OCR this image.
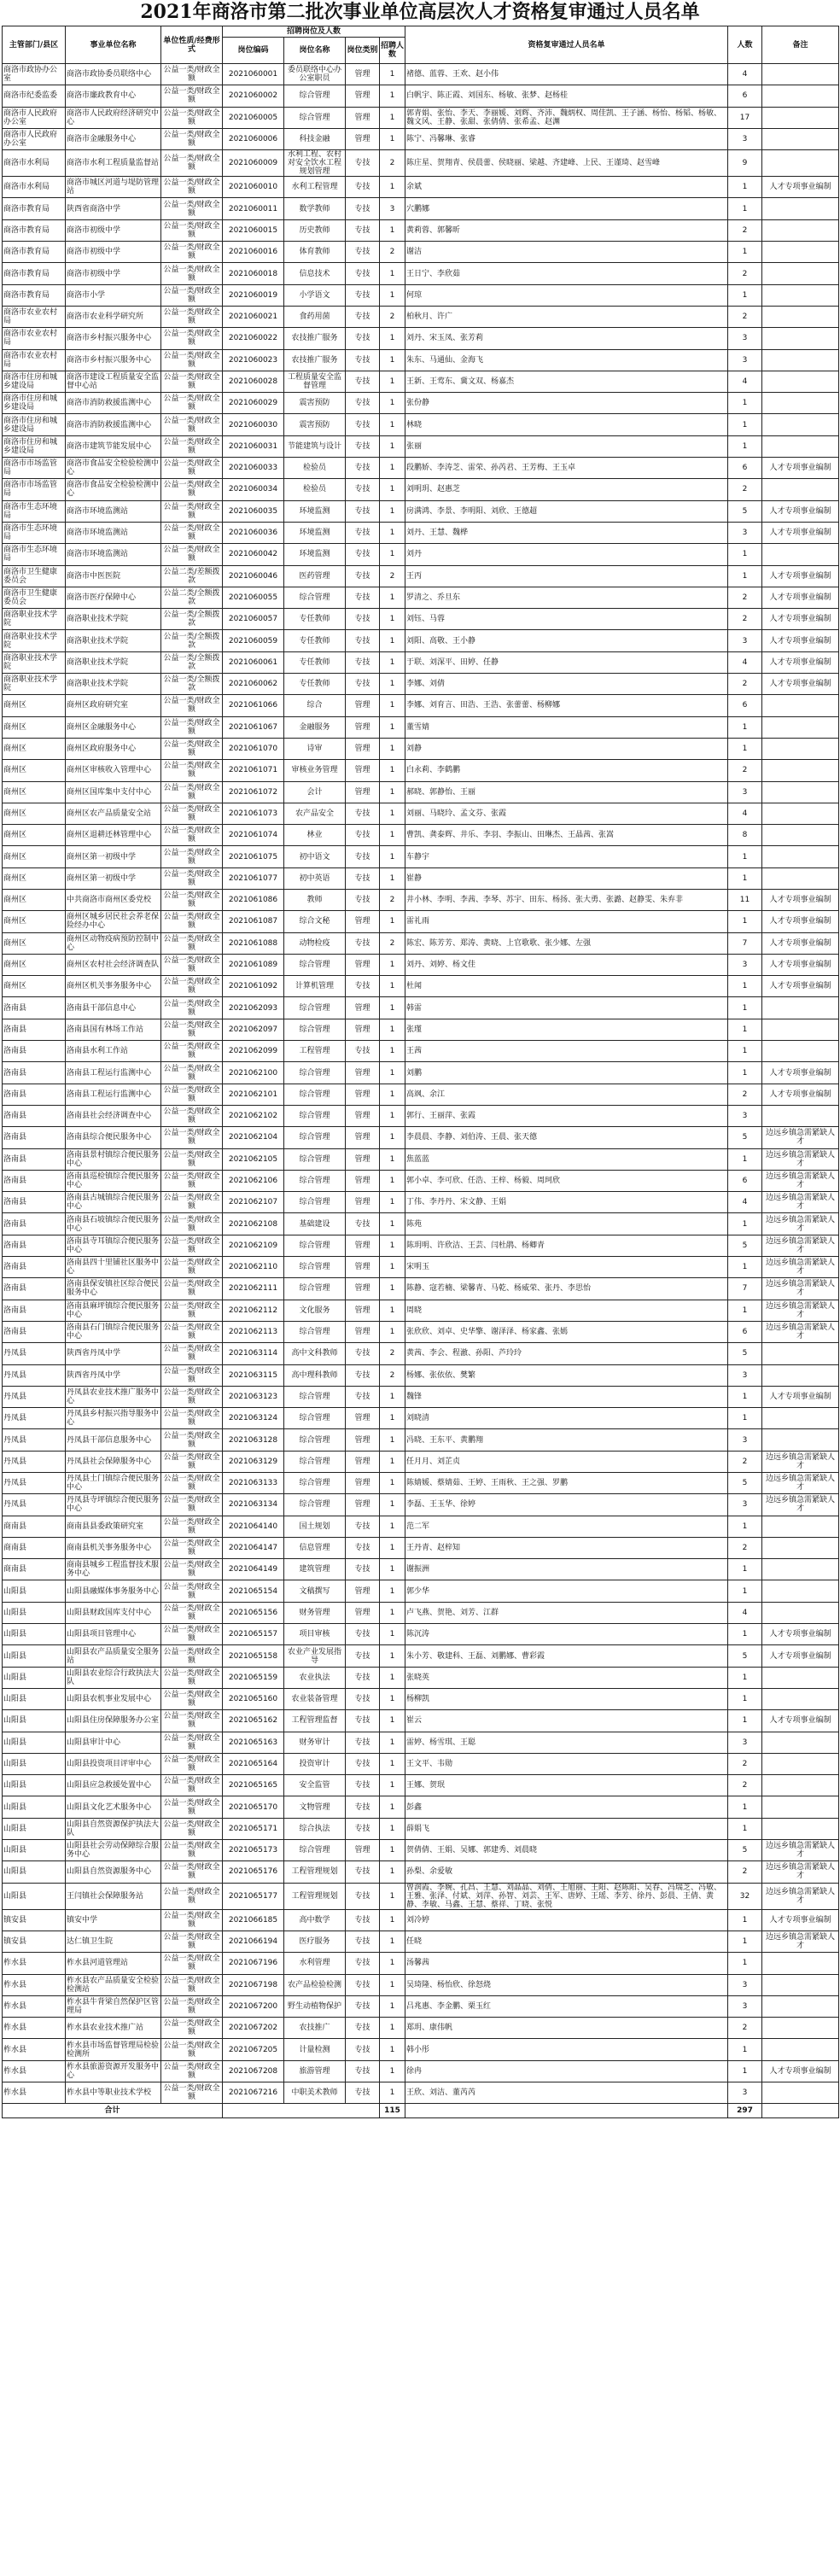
2021年商洛市第二批次事业单位高层次人才资格复审通过人员名单
主管部门/县区	事业单位名称	单位性质/经费形式	招聘岗位及人数				资格复审通过人员名单	人数	备注
			岗位编码	岗位名称	岗位类别	招聘人数			
商洛市政协办公室	商洛市政协委员联络中心	公益一类/财政全额	2021060001	委员联络中心办公室职员	管理	1	褚德、蓝蓉、王欢、赵小伟	4	
商洛市纪委监委	商洛市廉政教育中心	公益一类/财政全额	2021060002	综合管理	管理	1	白帆宇、陈正霞、刘国东、杨敏、张梦、赵杨桂	6	
商洛市人民政府办公室	商洛市人民政府经济研究中心	公益一类/财政全额	2021060005	综合管理	管理	1	郭青娟、张怡、李天、李丽媛、刘辉、齐沛、魏炳权、周佳凯、王子涵、杨怡、杨韬、杨敏、魏文风、王静、张甜、张倩倩、张希孟、赵渊	17	
商洛市人民政府办公室	商洛市金融服务中心	公益一类/财政全额	2021060006	科技金融	管理	1	陈宁、冯馨琳、张睿	3	
商洛市水利局	商洛市水利工程质量监督站	公益一类/财政全额	2021060009	水利工程、农村对安全饮水工程规划管理	专技	2	陈庄星、贺翔青、侯晨蕾、侯晓丽、梁越、齐建峰、上民、王谨琦、赵雪峰	9	
商洛市水利局	商洛市城区河道与堤防管理站	公益一类/财政全额	2021060010	水利工程管理	专技	1	余斌	1	人才专项事业编制
商洛市教育局	陕西省商洛中学	公益一类/财政全额	2021060011	数学教师	专技	3	穴鹏娜	1	
商洛市教育局	商洛市初级中学	公益一类/财政全额	2021060015	历史教师	专技	1	黄莉蓉、郭馨昕	2	
商洛市教育局	商洛市初级中学	公益一类/财政全额	2021060016	体育教师	专技	2	谢洁	1	
商洛市教育局	商洛市初级中学	公益一类/财政全额	2021060018	信息技术	专技	1	王日宁、李欣茹	2	
商洛市教育局	商洛市小学	公益一类/财政全额	2021060019	小学语文	专技	1	何琼	1	
商洛市农业农村局	商洛市农业科学研究所	公益一类/财政全额	2021060021	食药用菌	专技	2	柏秋月、许广	2	
商洛市农业农村局	商洛市乡村振兴服务中心	公益一类/财政全额	2021060022	农技推广服务	专技	1	刘丹、宋玉凤、张芳莉	3	
商洛市农业农村局	商洛市乡村振兴服务中心	公益一类/财政全额	2021060023	农技推广服务	专技	1	朱东、马通仙、金海飞	3	
商洛市住房和城乡建设局	商洛市建设工程质量安全监督中心站	公益一类/财政全额	2021060028	工程质量安全监督管理	专技	1	王新、王莺东、冀文双、杨嘉杰	4	
商洛市住房和城乡建设局	商洛市消防救援监测中心	公益一类/财政全额	2021060029	震害预防	专技	1	张份静	1	
商洛市住房和城乡建设局	商洛市消防救援监测中心	公益一类/财政全额	2021060030	震害预防	专技	1	林晓	1	
商洛市住房和城乡建设局	商洛市建筑节能发展中心	公益一类/财政全额	2021060031	节能建筑与设计	专技	1	张丽	1	
商洛市市场监管局	商洛市食品安全检验检测中心	公益一类/财政全额	2021060033	检验员	专技	1	段鹏娇、李涛芝、雷荣、孙芮君、王芳梅、王玉卓	6	人才专项事业编制
商洛市市场监管局	商洛市食品安全检验检测中心	公益一类/财政全额	2021060034	检验员	专技	1	刘明玥、赵惠芝	2	
商洛市生态环境局	商洛市环境监测站	公益一类/财政全额	2021060035	环境监测	专技	1	房满鸿、李景、李明阳、刘欣、王德超	5	人才专项事业编制
商洛市生态环境局	商洛市环境监测站	公益一类/财政全额	2021060036	环境监测	专技	1	刘丹、王慧、魏桦	3	人才专项事业编制
商洛市生态环境局	商洛市环境监测站	公益一类/财政全额	2021060042	环境监测	专技	1	刘丹	1	
商洛市卫生健康委员会	商洛市中医医院	公益二类/差额拨款	2021060046	医药管理	专技	2	王丙	1	人才专项事业编制
商洛市卫生健康委员会	商洛市医疗保障中心	公益二类/全额拨款	2021060055	综合管理	专技	1	罗清之、乔旦东	2	人才专项事业编制
商洛职业技术学院	商洛职业技术学院	公益一类/全额拨款	2021060057	专任教师	专技	1	刘钰、马蓉	2	人才专项事业编制
商洛职业技术学院	商洛职业技术学院	公益一类/全额拨款	2021060059	专任教师	专技	1	刘阳、高敬、王小静	3	人才专项事业编制
商洛职业技术学院	商洛职业技术学院	公益一类/全额拨款	2021060061	专任教师	专技	1	于联、刘深平、田婷、任静	4	人才专项事业编制
商洛职业技术学院	商洛职业技术学院	公益一类/全额拨款	2021060062	专任教师	专技	1	李娜、刘倩	2	人才专项事业编制
商州区	商州区政府研究室	公益一类/财政全额	2021061066	综合	管理	1	李娜、刘育言、田浩、王浩、张蕾蕾、杨柳娜	6	
商州区	商州区金融服务中心	公益一类/财政全额	2021061067	金融服务	管理	1	董雪婧	1	
商州区	商州区政府服务中心	公益一类/财政全额	2021061070	诗审	管理	1	刘静	1	
商州区	商州区审核收入管理中心	公益一类/财政全额	2021061071	审核业务管理	管理	1	白永莉、李鹤鹏	2	
商州区	商州区国库集中支付中心	公益一类/财政全额	2021061072	会计	管理	1	郝晓、郭静怡、王丽	3	
商州区	商州区农产品质量安全站	公益一类/财政全额	2021061073	农产品安全	专技	1	刘丽、马晓玲、孟文芬、张霞	4	
商州区	商州区退耕还林管理中心	公益一类/财政全额	2021061074	林业	专技	1	曹凯、龚泰辉、井乐、李羽、李振山、田琳杰、王晶茜、张嵩	8	
商州区	商州区第一初级中学	公益一类/财政全额	2021061075	初中语文	专技	1	车静宇	1	
商州区	商州区第一初级中学	公益一类/财政全额	2021061077	初中英语	专技	1	崔静	1	
商州区	中共商洛市商州区委党校	公益一类/财政全额	2021061086	教师	专技	2	井小林、李明、李茜、李琴、苏宇、田东、杨扬、张大勇、张潞、赵静雯、朱弃非	11	人才专项事业编制
商州区	商州区城乡居民社会养老保险经办中心	公益一类/财政全额	2021061087	综合文秘	管理	1	雷礼雨	1	人才专项事业编制
商州区	商州区动物疫病预防控制中心	公益一类/财政全额	2021061088	动物检疫	专技	2	陈宏、陈芳芳、郑涛、黄晓、上官歌歌、张少娜、左强	7	人才专项事业编制
商州区	商州区农村社会经济调查队	公益一类/财政全额	2021061089	综合管理	管理	1	刘丹、刘婷、杨文佳	3	人才专项事业编制
商州区	商州区机关事务服务中心	公益一类/财政全额	2021061092	计算机管理	专技	1	杜闻	1	人才专项事业编制
洛南县	洛南县干部信息中心	公益一类/财政全额	2021062093	综合管理	管理	1	韩雷	1	
洛南县	洛南县国有林场工作站	公益一类/财政全额	2021062097	综合管理	管理	1	张瑾	1	
洛南县	洛南县水利工作站	公益一类/财政全额	2021062099	工程管理	专技	1	王茜	1	
洛南县	洛南县工程运行监测中心	公益一类/财政全额	2021062100	综合管理	管理	1	刘鹏	1	人才专项事业编制
洛南县	洛南县工程运行监测中心	公益一类/财政全额	2021062101	综合管理	管理	1	高飒、余江	2	人才专项事业编制
洛南县	洛南县社会经济调查中心	公益一类/财政全额	2021062102	综合管理	管理	1	郭行、王丽萍、张霞	3	
洛南县	洛南县综合便民服务中心	公益一类/财政全额	2021062104	综合管理	管理	1	李晨晨、李静、刘伯涛、王晨、张天德	5	边远乡镇急需紧缺人才
洛南县	洛南县景村镇综合便民服务中心	公益一类/财政全额	2021062105	综合管理	管理	1	焦蓝蓝	1	边远乡镇急需紧缺人才
洛南县	洛南县巡检镇综合便民服务中心	公益一类/财政全额	2021062106	综合管理	管理	1	郭小卓、李可欣、任浩、王梓、杨毅、周珂欣	6	边远乡镇急需紧缺人才
洛南县	洛南县古城镇综合便民服务中心	公益一类/财政全额	2021062107	综合管理	管理	1	丁伟、李丹丹、宋文静、王娟	4	边远乡镇急需紧缺人才
洛南县	洛南县石坡镇综合便民服务中心	公益一类/财政全额	2021062108	基础建设	专技	1	陈苑	1	边远乡镇急需紧缺人才
洛南县	洛南县寺耳镇综合便民服务中心	公益一类/财政全额	2021062109	综合管理	管理	1	陈玥明、许欣洁、王芸、闫杜鹃、杨卿青	5	边远乡镇急需紧缺人才
洛南县	洛南县四十里铺社区服务中心	公益一类/财政全额	2021062110	综合管理	管理	1	宋明玉	1	边远乡镇急需紧缺人才
洛南县	洛南县保安镇社区综合便民服务中心	公益一类/财政全额	2021062111	综合管理	管理	1	陈静、寇若楠、梁馨青、马乾、杨威荣、张丹、李思怡	7	边远乡镇急需紧缺人才
洛南县	洛南县麻坪镇综合便民服务中心	公益一类/财政全额	2021062112	文化服务	管理	1	周晓	1	边远乡镇急需紧缺人才
洛南县	洛南县石门镇综合便民服务中心	公益一类/财政全额	2021062113	综合管理	管理	1	张欣欣、刘卓、史华擎、谢泽泽、杨家鑫、张嫣	6	边远乡镇急需紧缺人才
丹凤县	陕西省丹凤中学	公益一类/财政全额	2021063114	高中文科教师	专技	2	黄茜、李会、程澈、孙阳、芦玲玲	5	
丹凤县	陕西省丹凤中学	公益一类/财政全额	2021063115	高中理科教师	专技	2	杨娜、张依依、樊繁	3	
丹凤县	丹凤县农业技术推广服务中心	公益一类/财政全额	2021063123	综合管理	专技	1	魏锋	1	人才专项事业编制
丹凤县	丹凤县乡村振兴指导服务中心	公益一类/财政全额	2021063124	综合管理	管理	1	刘晓清	1	
丹凤县	丹凤县干部信息服务中心	公益一类/财政全额	2021063128	综合管理	管理	1	冯晓、王东平、黄鹏翔	3	
丹凤县	丹凤县社会保障服务中心	公益一类/财政全额	2021063129	综合管理	管理	1	任月月、刘芷贞	2	边远乡镇急需紧缺人才
丹凤县	丹凤县土门镇综合便民服务中心	公益一类/财政全额	2021063133	综合管理	管理	1	陈婧媛、蔡婧茹、王婷、王雨秋、王之强、罗鹏	5	边远乡镇急需紧缺人才
丹凤县	丹凤县寺坪镇综合便民服务中心	公益一类/财政全额	2021063134	综合管理	管理	1	李磊、王玉华、徐婷	3	边远乡镇急需紧缺人才
商南县	商南县县委政策研究室	公益一类/财政全额	2021064140	国土规划	专技	1	范二军	1	
商南县	商南县机关事务服务中心	公益一类/财政全额	2021064147	信息管理	专技	1	王丹青、赵梓知	2	
商南县	商南县城乡工程监督技术服务中心	公益一类/财政全额	2021064149	建筑管理	专技	1	谢振洲	1	
山阳县	山阳县融媒体事务服务中心	公益一类/财政全额	2021065154	文稿撰写	管理	1	郭少华	1	
山阳县	山阳县财政国库支付中心	公益一类/财政全额	2021065156	财务管理	管理	1	卢飞燕、贺艳、刘芳、江群	4	
山阳县	山阳县项目管理中心	公益一类/财政全额	2021065157	项目审核	专技	1	陈沉涛	1	人才专项事业编制
山阳县	山阳县农产品质量安全服务站	公益一类/财政全额	2021065158	农业产业发展指导	专技	1	朱小芳、敬建科、王磊、刘鹏娜、曹彩霞	5	人才专项事业编制
山阳县	山阳县农业综合行政执法大队	公益一类/财政全额	2021065159	农业执法	专技	1	张晓英	1	
山阳县	山阳县农机事业发展中心	公益一类/财政全额	2021065160	农业装备管理	专技	1	杨柳凯	1	
山阳县	山阳县住房保障服务办公室	公益一类/财政全额	2021065162	工程管理监督	专技	1	崔云	1	人才专项事业编制
山阳县	山阳县审计中心	公益一类/财政全额	2021065163	财务审计	专技	1	雷婷、杨雪琪、王聪	3	
山阳县	山阳县投资项目评审中心	公益一类/财政全额	2021065164	投资审计	专技	1	王文平、韦勋	2	
山阳县	山阳县应急救援处置中心	公益一类/财政全额	2021065165	安全监管	专技	1	王娜、贺珉	2	
山阳县	山阳县文化艺术服务中心	公益一类/财政全额	2021065170	文物管理	专技	1	彭鑫	1	
山阳县	山阳县自然资源保护执法大队	公益一类/财政全额	2021065171	综合执法	专技	1	薛娟飞	1	
山阳县	山阳县社会劳动保障综合服务中心	公益一类/财政全额	2021065173	综合管理	管理	1	贺倩倩、王娟、吴娜、郭建秀、刘晨晓	5	边远乡镇急需紧缺人才
山阳县	山阳县自然资源服务中心	公益一类/财政全额	2021065176	工程管理规划	专技	1	孙梨、余爱敏	2	边远乡镇急需紧缺人才
山阳县	王闫镇社会保障服务站	公益一类/财政全额	2021065177	工程管理规划	专技	1	曾润霞、李婉、孔昌、王慧、刘晶晶、刘倩、王旭丽、王阳、赵陈阳、吴春、冯瑞芝、冯敏、王雅、张泽、付斌、刘萍、孙智、刘芸、王军、唐婷、王瑶、李芳、徐丹、彭晨、王倩、黄静、李敏、马鑫、王慧、蔡祥、丁晓、张悦	32	边远乡镇急需紧缺人才
镇安县	镇安中学	公益一类/财政全额	2021066185	高中数学	专技	1	刘冷婷	1	人才专项事业编制
镇安县	达仁镇卫生院	公益一类/财政全额	2021066194	医疗服务	专技	1	任晓	1	边远乡镇急需紧缺人才
柞水县	柞水县河道管理站	公益一类/财政全额	2021067196	水利管理	专技	1	汤馨茜	1	
柞水县	柞水县农产品质量安全检验检测站	公益一类/财政全额	2021067198	农产品检验检测	专技	1	吴琦隆、杨怡欣、徐怒烧	3	
柞水县	柞水县牛背梁自然保护区管理局	公益一类/财政全额	2021067200	野生动植物保护	专技	1	吕兆惠、李金鹏、栗玉红	3	
柞水县	柞水县农业技术推广站	公益一类/财政全额	2021067202	农技推广	专技	1	郑玥、康伟帆	2	
柞水县	柞水县市场监督管理局检验检测所	公益一类/财政全额	2021067205	计量检测	专技	1	韩小彤	1	
柞水县	柞水县旅游资源开发服务中心	公益一类/财政全额	2021067208	旅游管理	专技	1	徐冉	1	人才专项事业编制
柞水县	柞水县中等职业技术学校	公益一类/财政全额	2021067216	中职美术教师	专技	1	王欣、刘洁、董芮芮	3	
合计						115		297	
